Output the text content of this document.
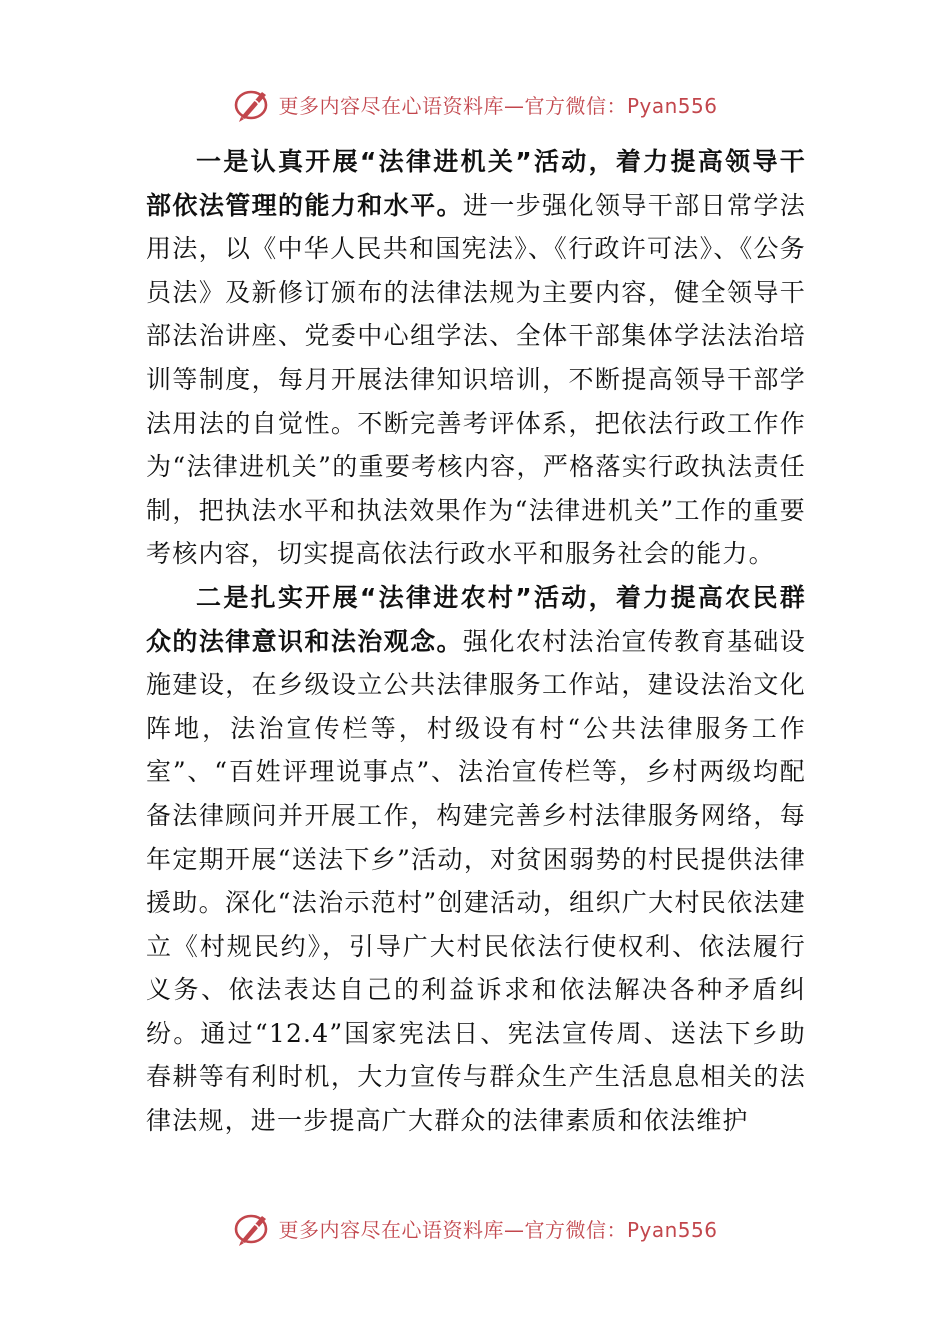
更多内容尽在心语资料库—官方微信：Pyan556

一是认真开展“法律进机关”活动，着力提高领导干部依法管理的能力和水平。进一步强化领导干部日常学法用法，以《中华人民共和国宪法》、《行政许可法》、《公务员法》及新修订颁布的法律法规为主要内容，健全领导干部法治讲座、党委中心组学法、全体干部集体学法法治培训等制度，每月开展法律知识培训，不断提高领导干部学法用法的自觉性。不断完善考评体系，把依法行政工作作为“法律进机关”的重要考核内容，严格落实行政执法责任制，把执法水平和执法效果作为“法律进机关”工作的重要考核内容，切实提高依法行政水平和服务社会的能力。

二是扎实开展“法律进农村”活动，着力提高农民群众的法律意识和法治观念。强化农村法治宣传教育基础设施建设，在乡级设立公共法律服务工作站，建设法治文化阵地，法治宣传栏等，村级设有村“公共法律服务工作室”、“百姓评理说事点”、法治宣传栏等，乡村两级均配备法律顾问并开展工作，构建完善乡村法律服务网络，每年定期开展“送法下乡”活动，对贫困弱势的村民提供法律援助。深化“法治示范村”创建活动，组织广大村民依法建立《村规民约》，引导广大村民依法行使权利、依法履行义务、依法表达自己的利益诉求和依法解决各种矛盾纠纷。通过“12.4”国家宪法日、宪法宣传周、送法下乡助春耕等有利时机，大力宣传与群众生产生活息息相关的法律法规，进一步提高广大群众的法律素质和依法维护

更多内容尽在心语资料库—官方微信：Pyan556
